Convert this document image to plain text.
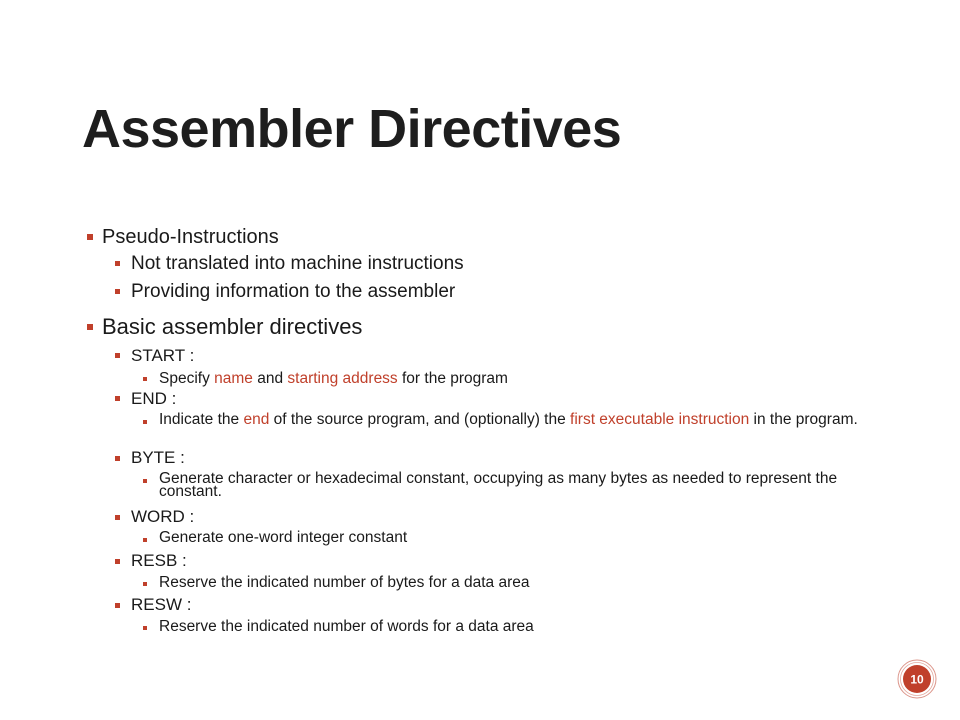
Assembler Directives
Pseudo-Instructions
Not translated into machine instructions
Providing information to the assembler
Basic assembler directives
START :
Specify name and starting address for the program
END :
Indicate the end of the source program, and (optionally) the first executable instruction in the program.
BYTE :
Generate character or hexadecimal constant, occupying as many bytes as needed to represent the constant.
WORD :
Generate one-word integer constant
RESB :
Reserve the indicated number of bytes for a data area
RESW :
Reserve the indicated number of words for a data area
10
